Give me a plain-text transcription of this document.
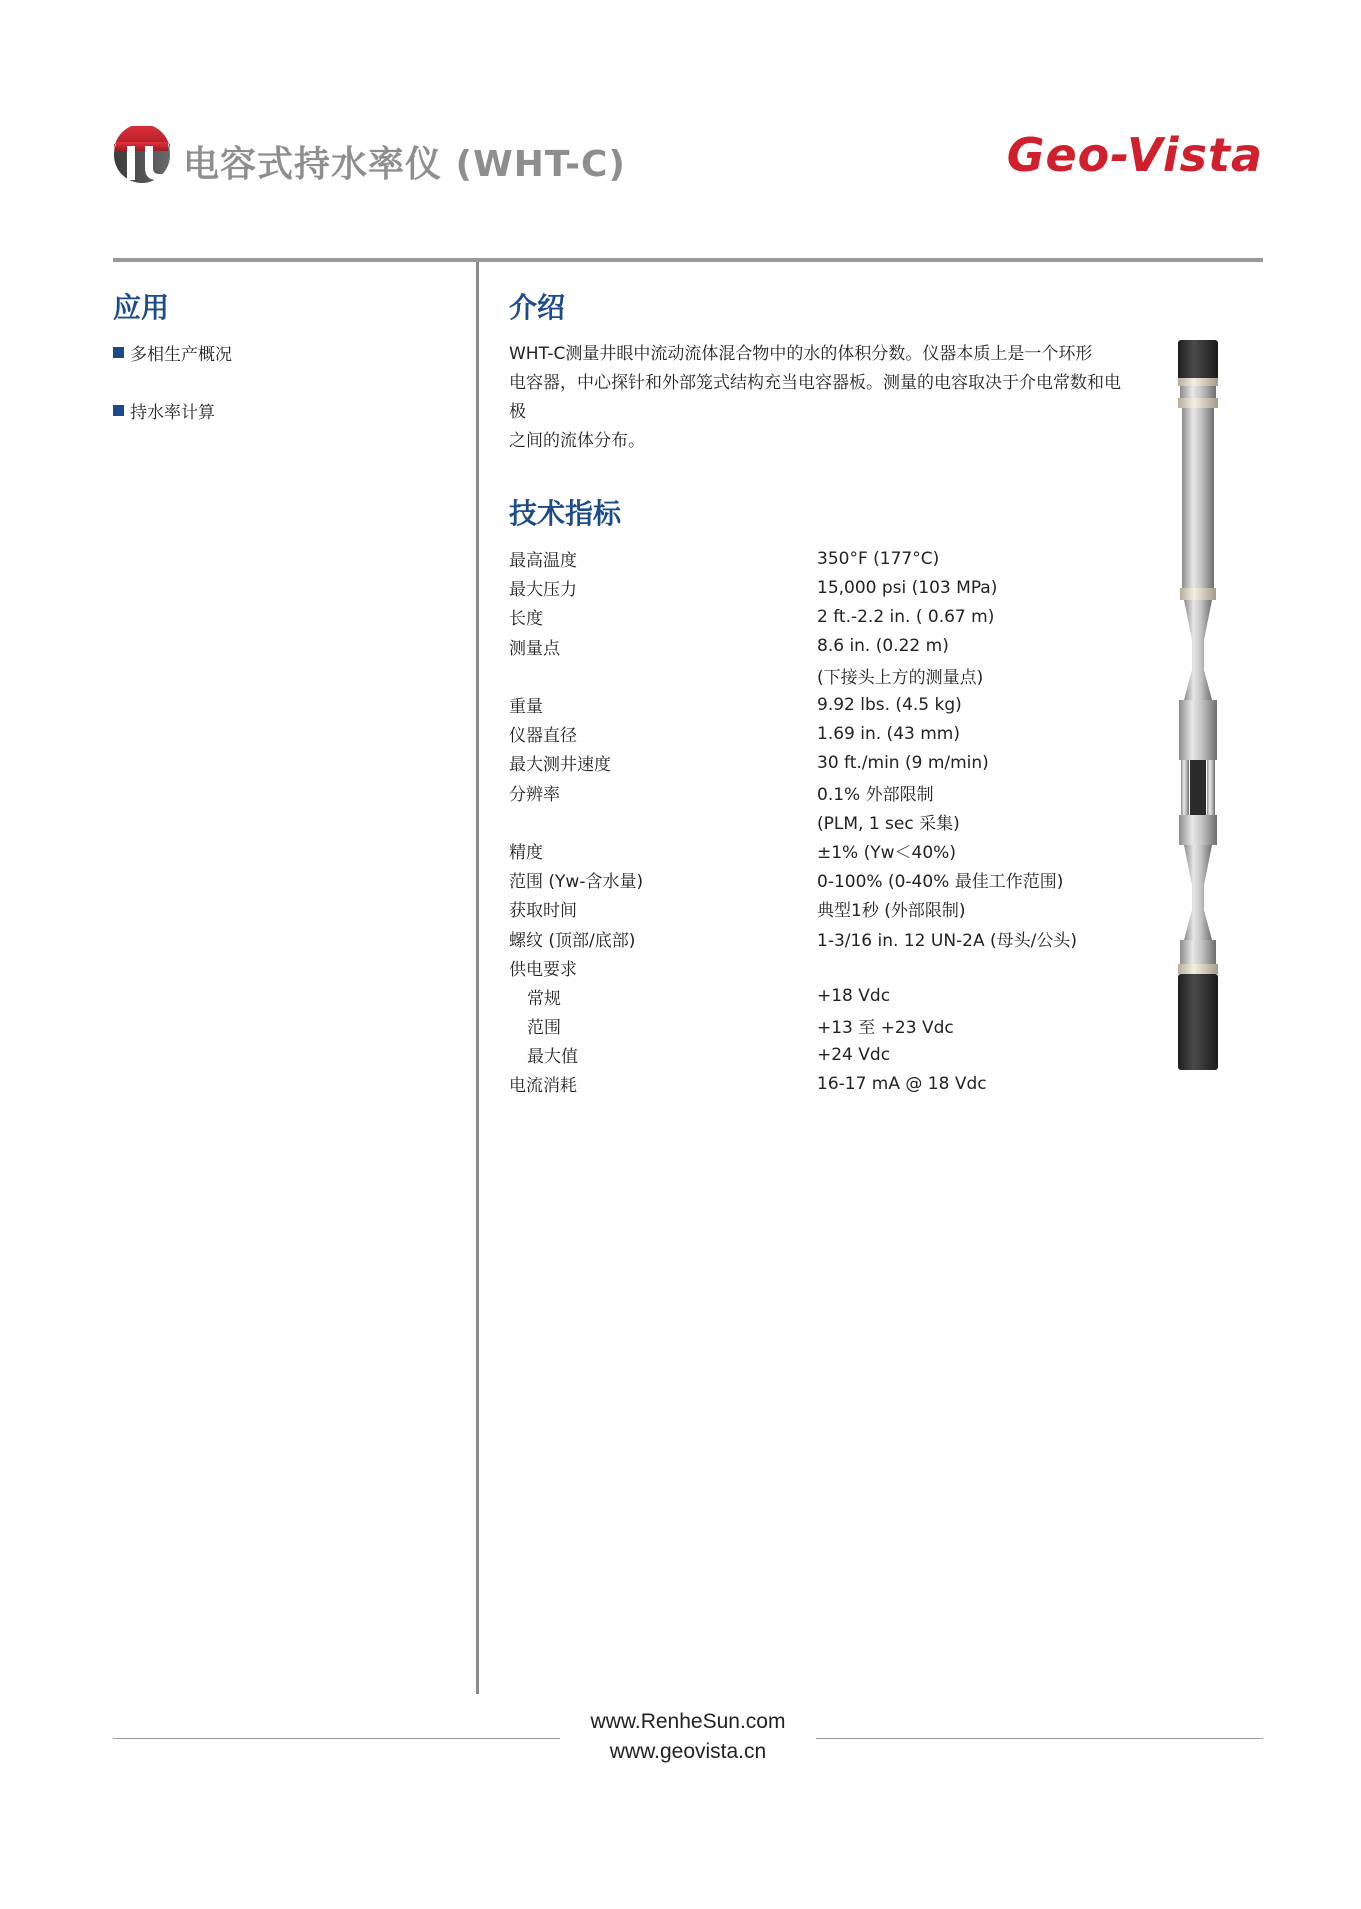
电容式持水率仪 (WHT-C)	Geo-Vista
应用
多相生产概况
持水率计算
介绍
WHT-C测量井眼中流动流体混合物中的水的体积分数。仪器本质上是一个环形
电容器，中心探针和外部笼式结构充当电容器板。测量的电容取决于介电常数和电极
之间的流体分布。
技术指标
最高温度	350°F (177°C)
最大压力	15,000 psi (103 MPa)
长度	2 ft.-2.2 in. ( 0.67 m)
测量点	8.6 in. (0.22 m)
(下接头上方的测量点)
重量	9.92 lbs. (4.5 kg)
仪器直径	1.69 in. (43 mm)
最大测井速度	30 ft./min (9 m/min)
分辨率	0.1% 外部限制
(PLM, 1 sec 采集)
精度	±1% (Yw＜40%)
范围 (Yw-含水量)	0-100% (0-40% 最佳工作范围)
获取时间	典型1秒 (外部限制)
螺纹 (顶部/底部)	1-3/16 in. 12 UN-2A (母头/公头)
供电要求
常规	+18 Vdc
范围	+13 至 +23 Vdc
最大值	+24 Vdc
电流消耗	16-17 mA @ 18 Vdc
www.RenheSun.com
www.geovista.cn
